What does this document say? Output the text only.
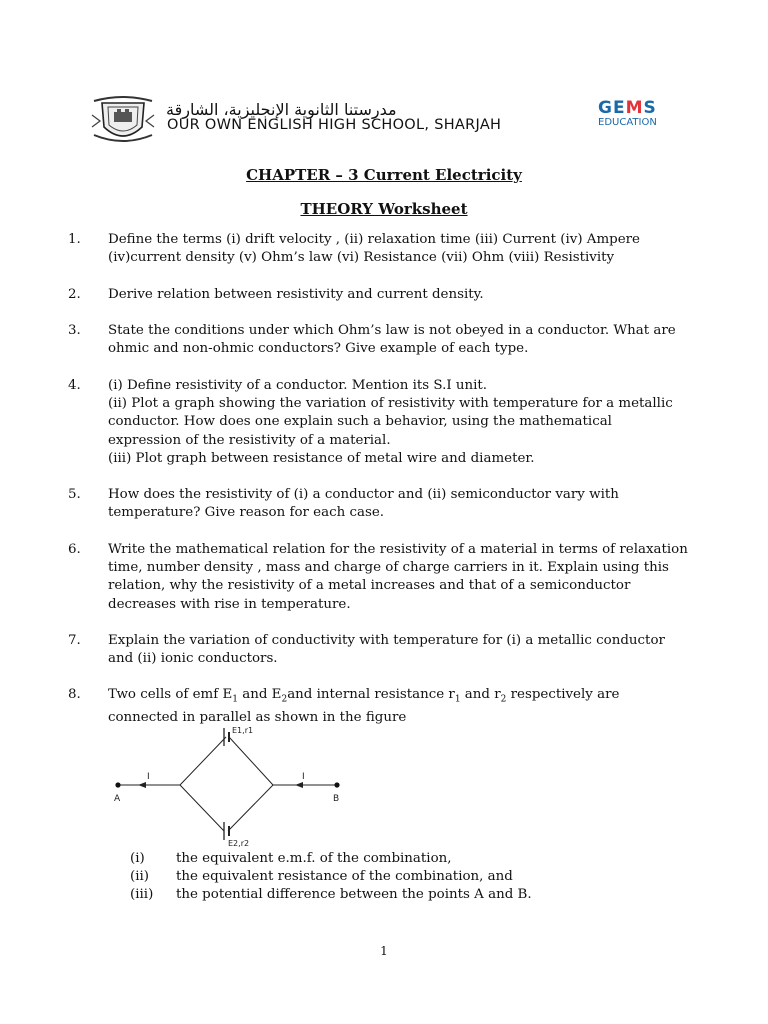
مدرستنا الثانوية الإنجليزية، الشارقة
OUR OWN ENGLISH HIGH SCHOOL, SHARJAH
GEMS
EDUCATION
CHAPTER – 3 Current Electricity
THEORY Worksheet
1. Define the terms (i) drift velocity , (ii) relaxation time (iii) Current (iv) Ampere
(iv)current density (v) Ohm’s law (vi) Resistance (vii) Ohm (viii) Resistivity
2. Derive relation between resistivity and current density.
3. State the conditions under which Ohm’s law is not obeyed in a conductor. What are
ohmic and non-ohmic conductors? Give example of each type.
4. (i) Define resistivity of a conductor. Mention its S.I unit.
(ii) Plot a graph showing the variation of resistivity with temperature for a metallic
conductor. How does one explain such a behavior, using the mathematical
expression of the resistivity of a material.
(iii) Plot graph between resistance of metal wire and diameter.
5. How does the resistivity of (i) a conductor and (ii) semiconductor vary with
temperature? Give reason for each case.
6. Write the mathematical relation for the resistivity of a material in terms of relaxation
time, number density , mass and charge of charge carriers in it. Explain using this
relation, why the resistivity of a metal increases and that of a semiconductor
decreases with rise in temperature.
7. Explain the variation of conductivity with temperature for (i) a metallic conductor
and (ii) ionic conductors.
8. Two cells of emf $E_1$ and $E_2and$ internal resistance $r_1$ and $r_2$ respectively are
connected in parallel as shown in the figure
E1,r1
E2,r2
A	B
I	I
(i) the equivalent e.m.f. of the combination,
(ii) the equivalent resistance of the combination, and
(iii) the potential difference between the points A and B.
1
